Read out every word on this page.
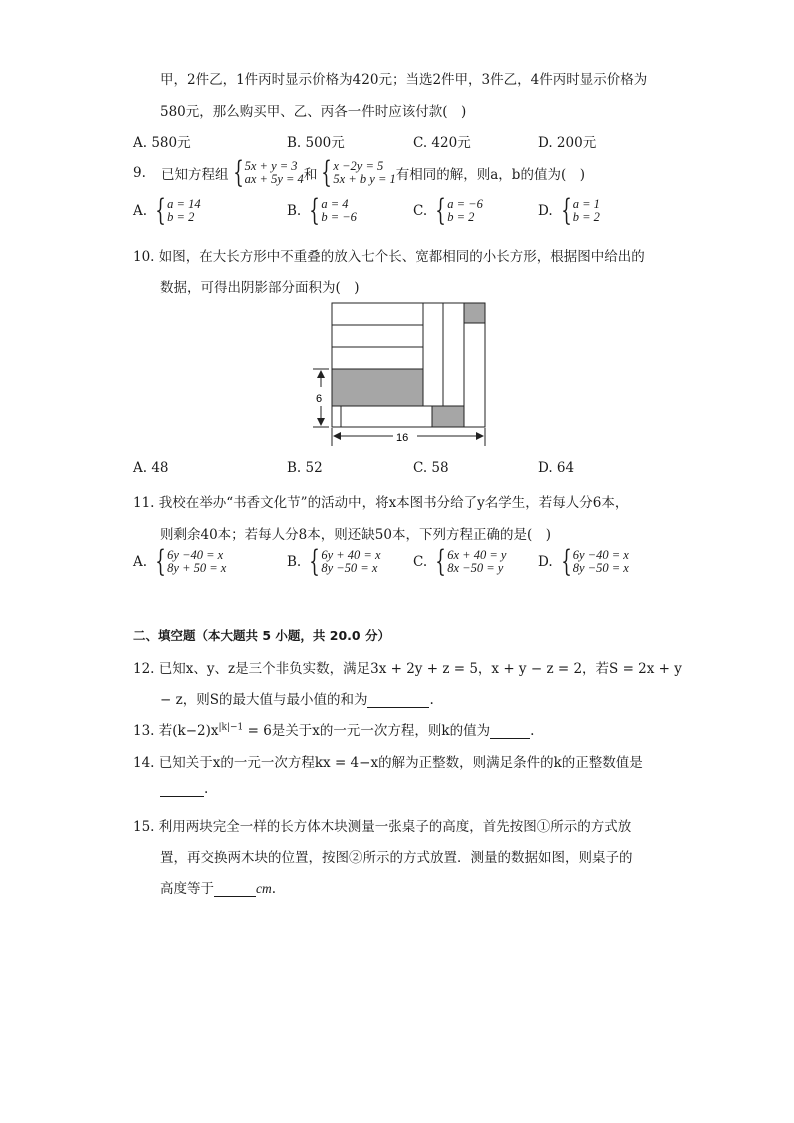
甲，2件乙，1件丙时显示价格为420元；当选2件甲，3件乙，4件丙时显示价格为
580元，那么购买甲、乙、丙各一件时应该付款(　)
A. 580元	B. 500元	C. 420元	D. 200元
9.	已知方程组 { 5x + y = 3
ax + 5y = 4 和 { x −2y = 5
5x + b y = 1 有相同的解，则a，b的值为(　)
A. { a = 14
b = 2	B. { a = 4
b = −6	C. { a = −6
b = 2	D. { a = 1
b = 2
10. 如图，在大长方形中不重叠的放入七个长、宽都相同的小长方形，根据图中给出的
数据，可得出阴影部分面积为(　)
6
16
A. 48	B. 52	C. 58	D. 64
11. 我校在举办“书香文化节”的活动中，将x本图书分给了y名学生，若每人分6本，
则剩余40本；若每人分8本，则还缺50本，下列方程正确的是(　)
A. { 6y −40 = x
8y + 50 = x	B. { 6y + 40 = x
8y −50 = x	C. { 6x + 40 = y
8x −50 = y	D. { 6y −40 = x
8y −50 = x
二、填空题（本大题共 5 小题，共 20.0 分）
12. 已知x、y、z是三个非负实数，满足3x + 2y + z = 5，x + y − z = 2，若S = 2x + y
− z，则S的最大值与最小值的和为	.
13. 若$(k-2)x^{|k|-1} = 6$是关于x的一元一次方程，则k的值为	.
14. 已知关于x的一元一次方程kx = 4−x的解为正整数，则满足条件的k的正整数值是
.
15. 利用两块完全一样的长方体木块测量一张桌子的高度，首先按图①所示的方式放
置，再交换两木块的位置，按图②所示的方式放置．测量的数据如图，则桌子的
高度等于	cm.
